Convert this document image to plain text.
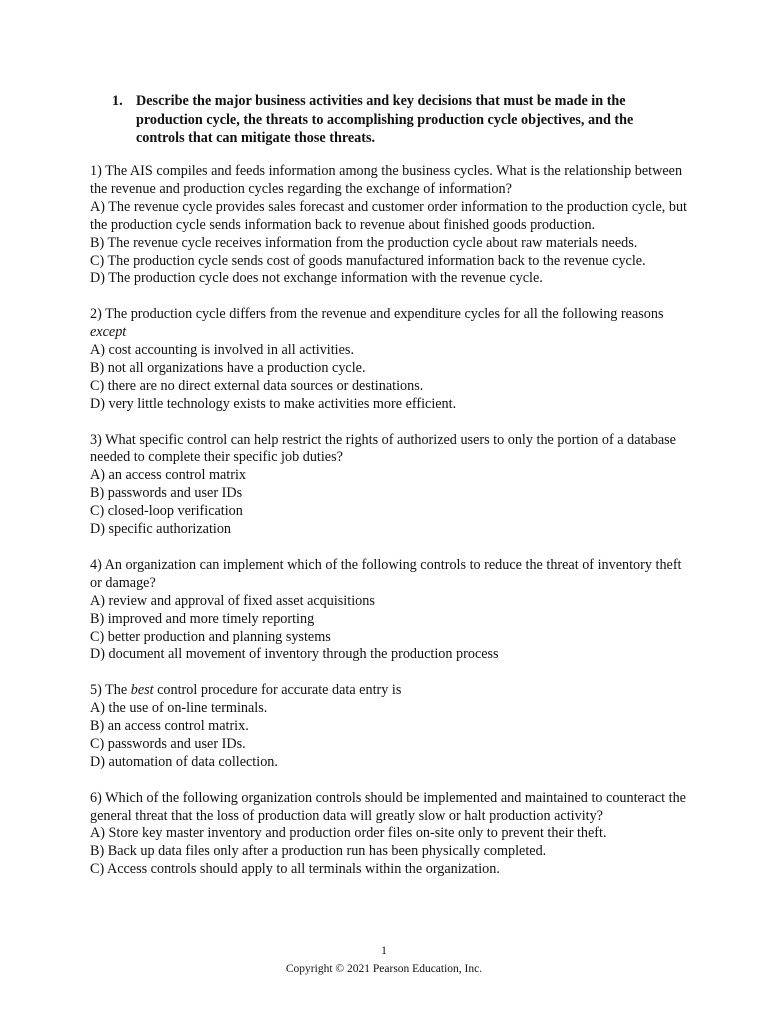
1. Describe the major business activities and key decisions that must be made in the production cycle, the threats to accomplishing production cycle objectives, and the controls that can mitigate those threats.
1) The AIS compiles and feeds information among the business cycles. What is the relationship between the revenue and production cycles regarding the exchange of information?
A) The revenue cycle provides sales forecast and customer order information to the production cycle, but the production cycle sends information back to revenue about finished goods production.
B) The revenue cycle receives information from the production cycle about raw materials needs.
C) The production cycle sends cost of goods manufactured information back to the revenue cycle.
D) The production cycle does not exchange information with the revenue cycle.
2) The production cycle differs from the revenue and expenditure cycles for all the following reasons except
A) cost accounting is involved in all activities.
B) not all organizations have a production cycle.
C) there are no direct external data sources or destinations.
D) very little technology exists to make activities more efficient.
3) What specific control can help restrict the rights of authorized users to only the portion of a database needed to complete their specific job duties?
A) an access control matrix
B) passwords and user IDs
C) closed-loop verification
D) specific authorization
4) An organization can implement which of the following controls to reduce the threat of inventory theft or damage?
A) review and approval of fixed asset acquisitions
B) improved and more timely reporting
C) better production and planning systems
D) document all movement of inventory through the production process
5) The best control procedure for accurate data entry is
A) the use of on-line terminals.
B) an access control matrix.
C) passwords and user IDs.
D) automation of data collection.
6) Which of the following organization controls should be implemented and maintained to counteract the general threat that the loss of production data will greatly slow or halt production activity?
A) Store key master inventory and production order files on-site only to prevent their theft.
B) Back up data files only after a production run has been physically completed.
C) Access controls should apply to all terminals within the organization.
1
Copyright © 2021 Pearson Education, Inc.
